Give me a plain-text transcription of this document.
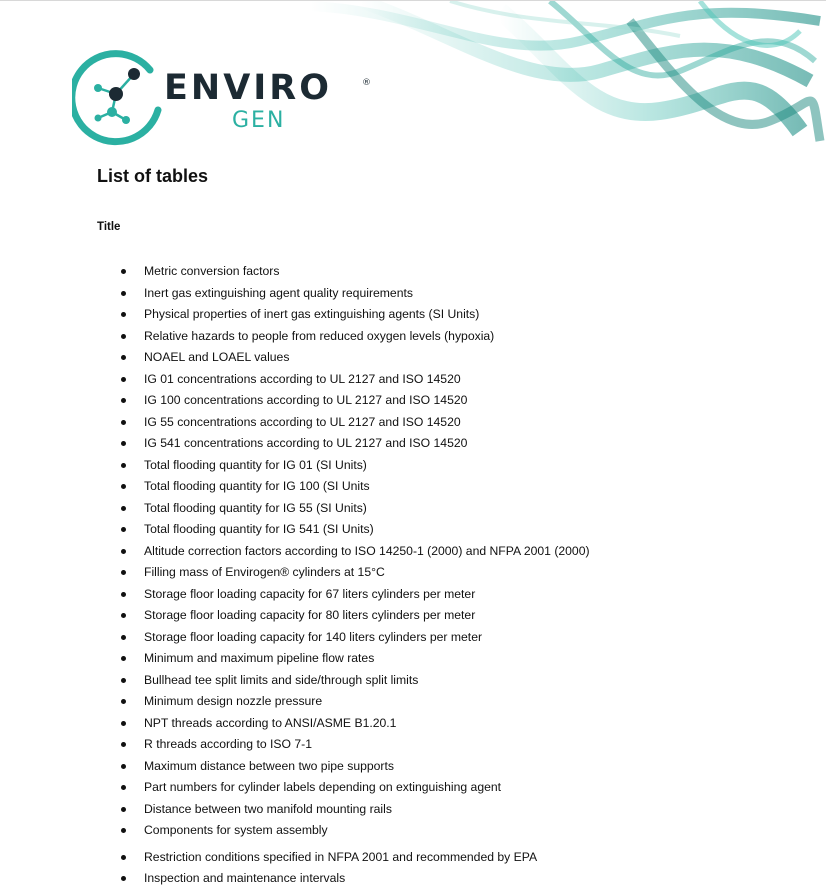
ENVIRO	®
GEN
List of tables
Title
Metric conversion factors
Inert gas extinguishing agent quality requirements
Physical properties of inert gas extinguishing agents (SI Units)
Relative hazards to people from reduced oxygen levels (hypoxia)
NOAEL and LOAEL values
IG 01 concentrations according to UL 2127 and ISO 14520
IG 100 concentrations according to UL 2127 and ISO 14520
IG 55 concentrations according to UL 2127 and ISO 14520
IG 541 concentrations according to UL 2127 and ISO 14520
Total flooding quantity for IG 01 (SI Units)
Total flooding quantity for IG 100 (SI Units
Total flooding quantity for IG 55 (SI Units)
Total flooding quantity for IG 541 (SI Units)
Altitude correction factors according to ISO 14250-1 (2000) and NFPA 2001 (2000)
Filling mass of Envirogen® cylinders at 15°C
Storage floor loading capacity for 67 liters cylinders per meter
Storage floor loading capacity for 80 liters cylinders per meter
Storage floor loading capacity for 140 liters cylinders per meter
Minimum and maximum pipeline flow rates
Bullhead tee split limits and side/through split limits
Minimum design nozzle pressure
NPT threads according to ANSI/ASME B1.20.1
R threads according to ISO 7-1
Maximum distance between two pipe supports
Part numbers for cylinder labels depending on extinguishing agent
Distance between two manifold mounting rails
Components for system assembly
Restriction conditions specified in NFPA 2001 and recommended by EPA
Inspection and maintenance intervals
